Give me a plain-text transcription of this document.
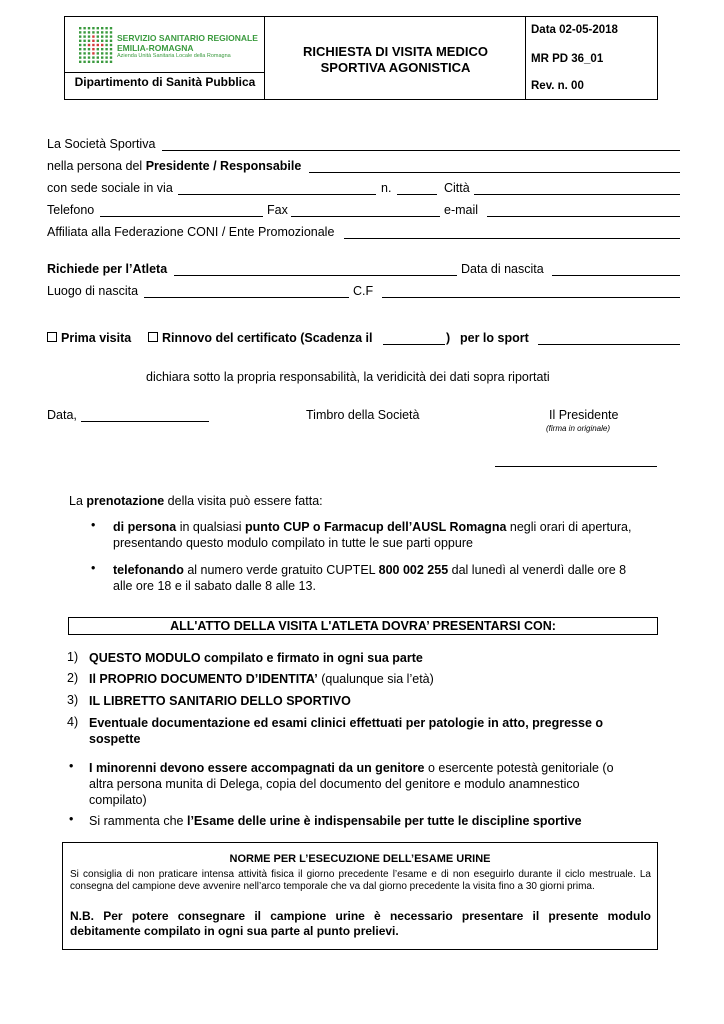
SERVIZIO SANITARIO REGIONALE
EMILIA-ROMAGNA
Azienda Unità Sanitaria Locale della Romagna
Dipartimento di Sanità Pubblica
RICHIESTA DI VISITA MEDICO
SPORTIVA AGONISTICA
Data 02-05-2018
MR PD 36_01
Rev. n. 00
La Società Sportiva
nella persona del Presidente / Responsabile
con sede sociale in via	n.	Città
Telefono	Fax	e-mail
Affiliata alla Federazione CONI / Ente Promozionale
Richiede per l’Atleta	Data di nascita
Luogo di nascita	C.F
Prima visita	Rinnovo del certificato (Scadenza il	) per lo sport
dichiara sotto la propria responsabilità, la veridicità dei dati sopra riportati
Data,	Timbro della Società	Il Presidente
(firma in originale)
La prenotazione della visita può essere fatta:
• di persona in qualsiasi punto CUP o Farmacup dell’AUSL Romagna negli orari di apertura,
presentando questo modulo compilato in tutte le sue parti oppure
• telefonando al numero verde gratuito CUPTEL 800 002 255 dal lunedì al venerdì dalle ore 8
alle ore 18 e il sabato dalle 8 alle 13.
ALL'ATTO DELLA VISITA L'ATLETA DOVRA’ PRESENTARSI CON:
1) QUESTO MODULO compilato e firmato in ogni sua parte
2) Il PROPRIO DOCUMENTO D’IDENTITA’ (qualunque sia l’età)
3) IL LIBRETTO SANITARIO DELLO SPORTIVO
4) Eventuale documentazione ed esami clinici effettuati per patologie in atto, pregresse o
sospette
• I minorenni devono essere accompagnati da un genitore o esercente potestà genitoriale (o
altra persona munita di Delega, copia del documento del genitore e modulo anamnestico
compilato)
• Si rammenta che l’Esame delle urine è indispensabile per tutte le discipline sportive
NORME PER L’ESECUZIONE DELL’ESAME URINE
Si consiglia di non praticare intensa attività fisica il giorno precedente l’esame e di non eseguirlo durante il ciclo mestruale. La consegna del campione deve avvenire nell’arco temporale che va dal giorno precedente la visita fino a 30 giorni prima.
N.B. Per potere consegnare il campione urine è necessario presentare il presente modulo debitamente compilato in ogni sua parte al punto prelievi.
